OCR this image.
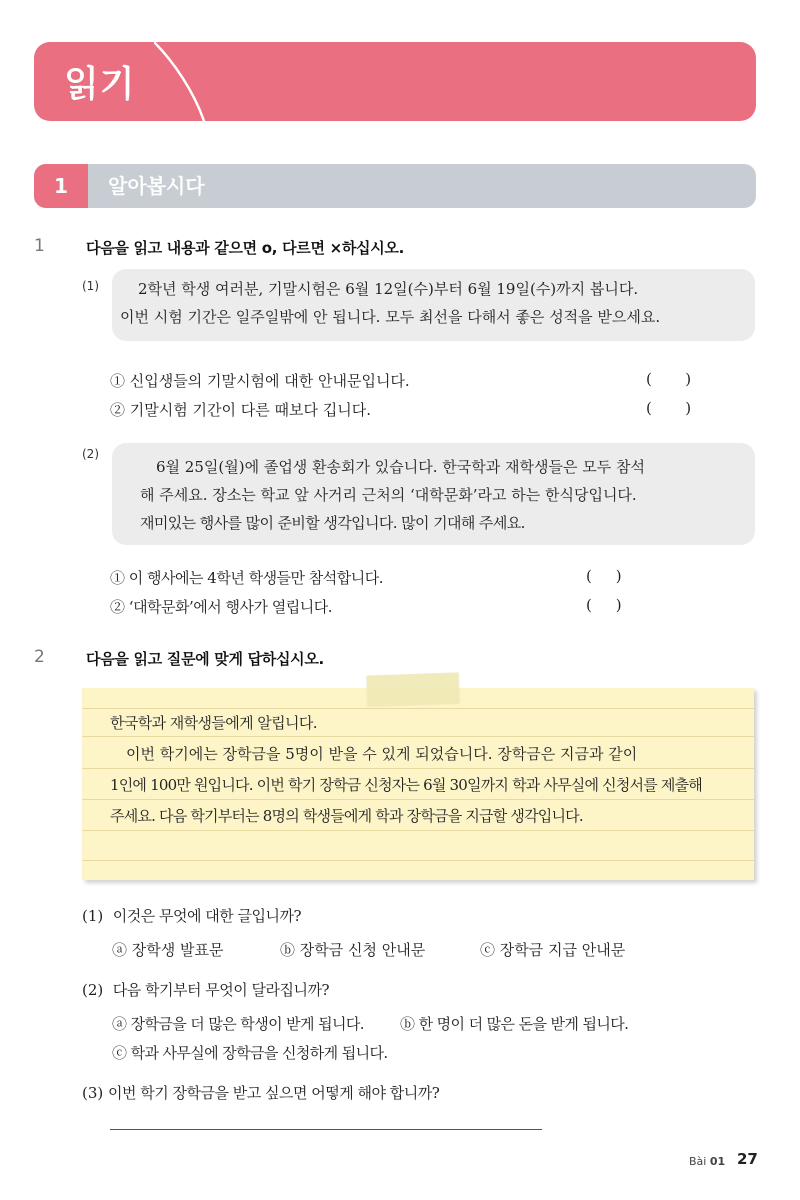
읽기
1	알아봅시다
1	다음을 읽고 내용과 같으면 o, 다르면 ×하십시오.
(1)	2학년 학생 여러분, 기말시험은 6월 12일(수)부터 6월 19일(수)까지 봅니다.

이번 시험 기간은 일주일밖에 안 됩니다. 모두 최선을 다해서 좋은 성적을 받으세요.

① 신입생들의 기말시험에 대한 안내문입니다.	(       )
② 기말시험 기간이 다른 때보다 깁니다.	(       )
(2)

6월 25일(월)에 졸업생 환송회가 있습니다. 한국학과 재학생들은 모두 참석

해 주세요. 장소는 학교 앞 사거리 근처의 ‘대학문화’라고 하는 한식당입니다.

재미있는 행사를 많이 준비할 생각입니다. 많이 기대해 주세요.

① 이 행사에는 4학년 학생들만 참석합니다.	(     )
② ‘대학문화’에서 행사가 열립니다.	(     )
2	다음을 읽고 질문에 맞게 답하십시오.
한국학과 재학생들에게 알립니다.
이번 학기에는 장학금을 5명이 받을 수 있게 되었습니다. 장학금은 지금과 같이
1인에 100만 원입니다. 이번 학기 장학금 신청자는 6월 30일까지 학과 사무실에 신청서를 제출해
주세요. 다음 학기부터는 8명의 학생들에게 학과 장학금을 지급할 생각입니다.
(1) 이것은 무엇에 대한 글입니까?
ⓐ 장학생 발표문	ⓑ 장학금 신청 안내문	ⓒ 장학금 지급 안내문
(2) 다음 학기부터 무엇이 달라집니까?
ⓐ 장학금을 더 많은 학생이 받게 됩니다. ⓑ 한 명이 더 많은 돈을 받게 됩니다.
ⓒ 학과 사무실에 장학금을 신청하게 됩니다.
(3) 이번 학기 장학금을 받고 싶으면 어떻게 해야 합니까?
Bài 01 27
